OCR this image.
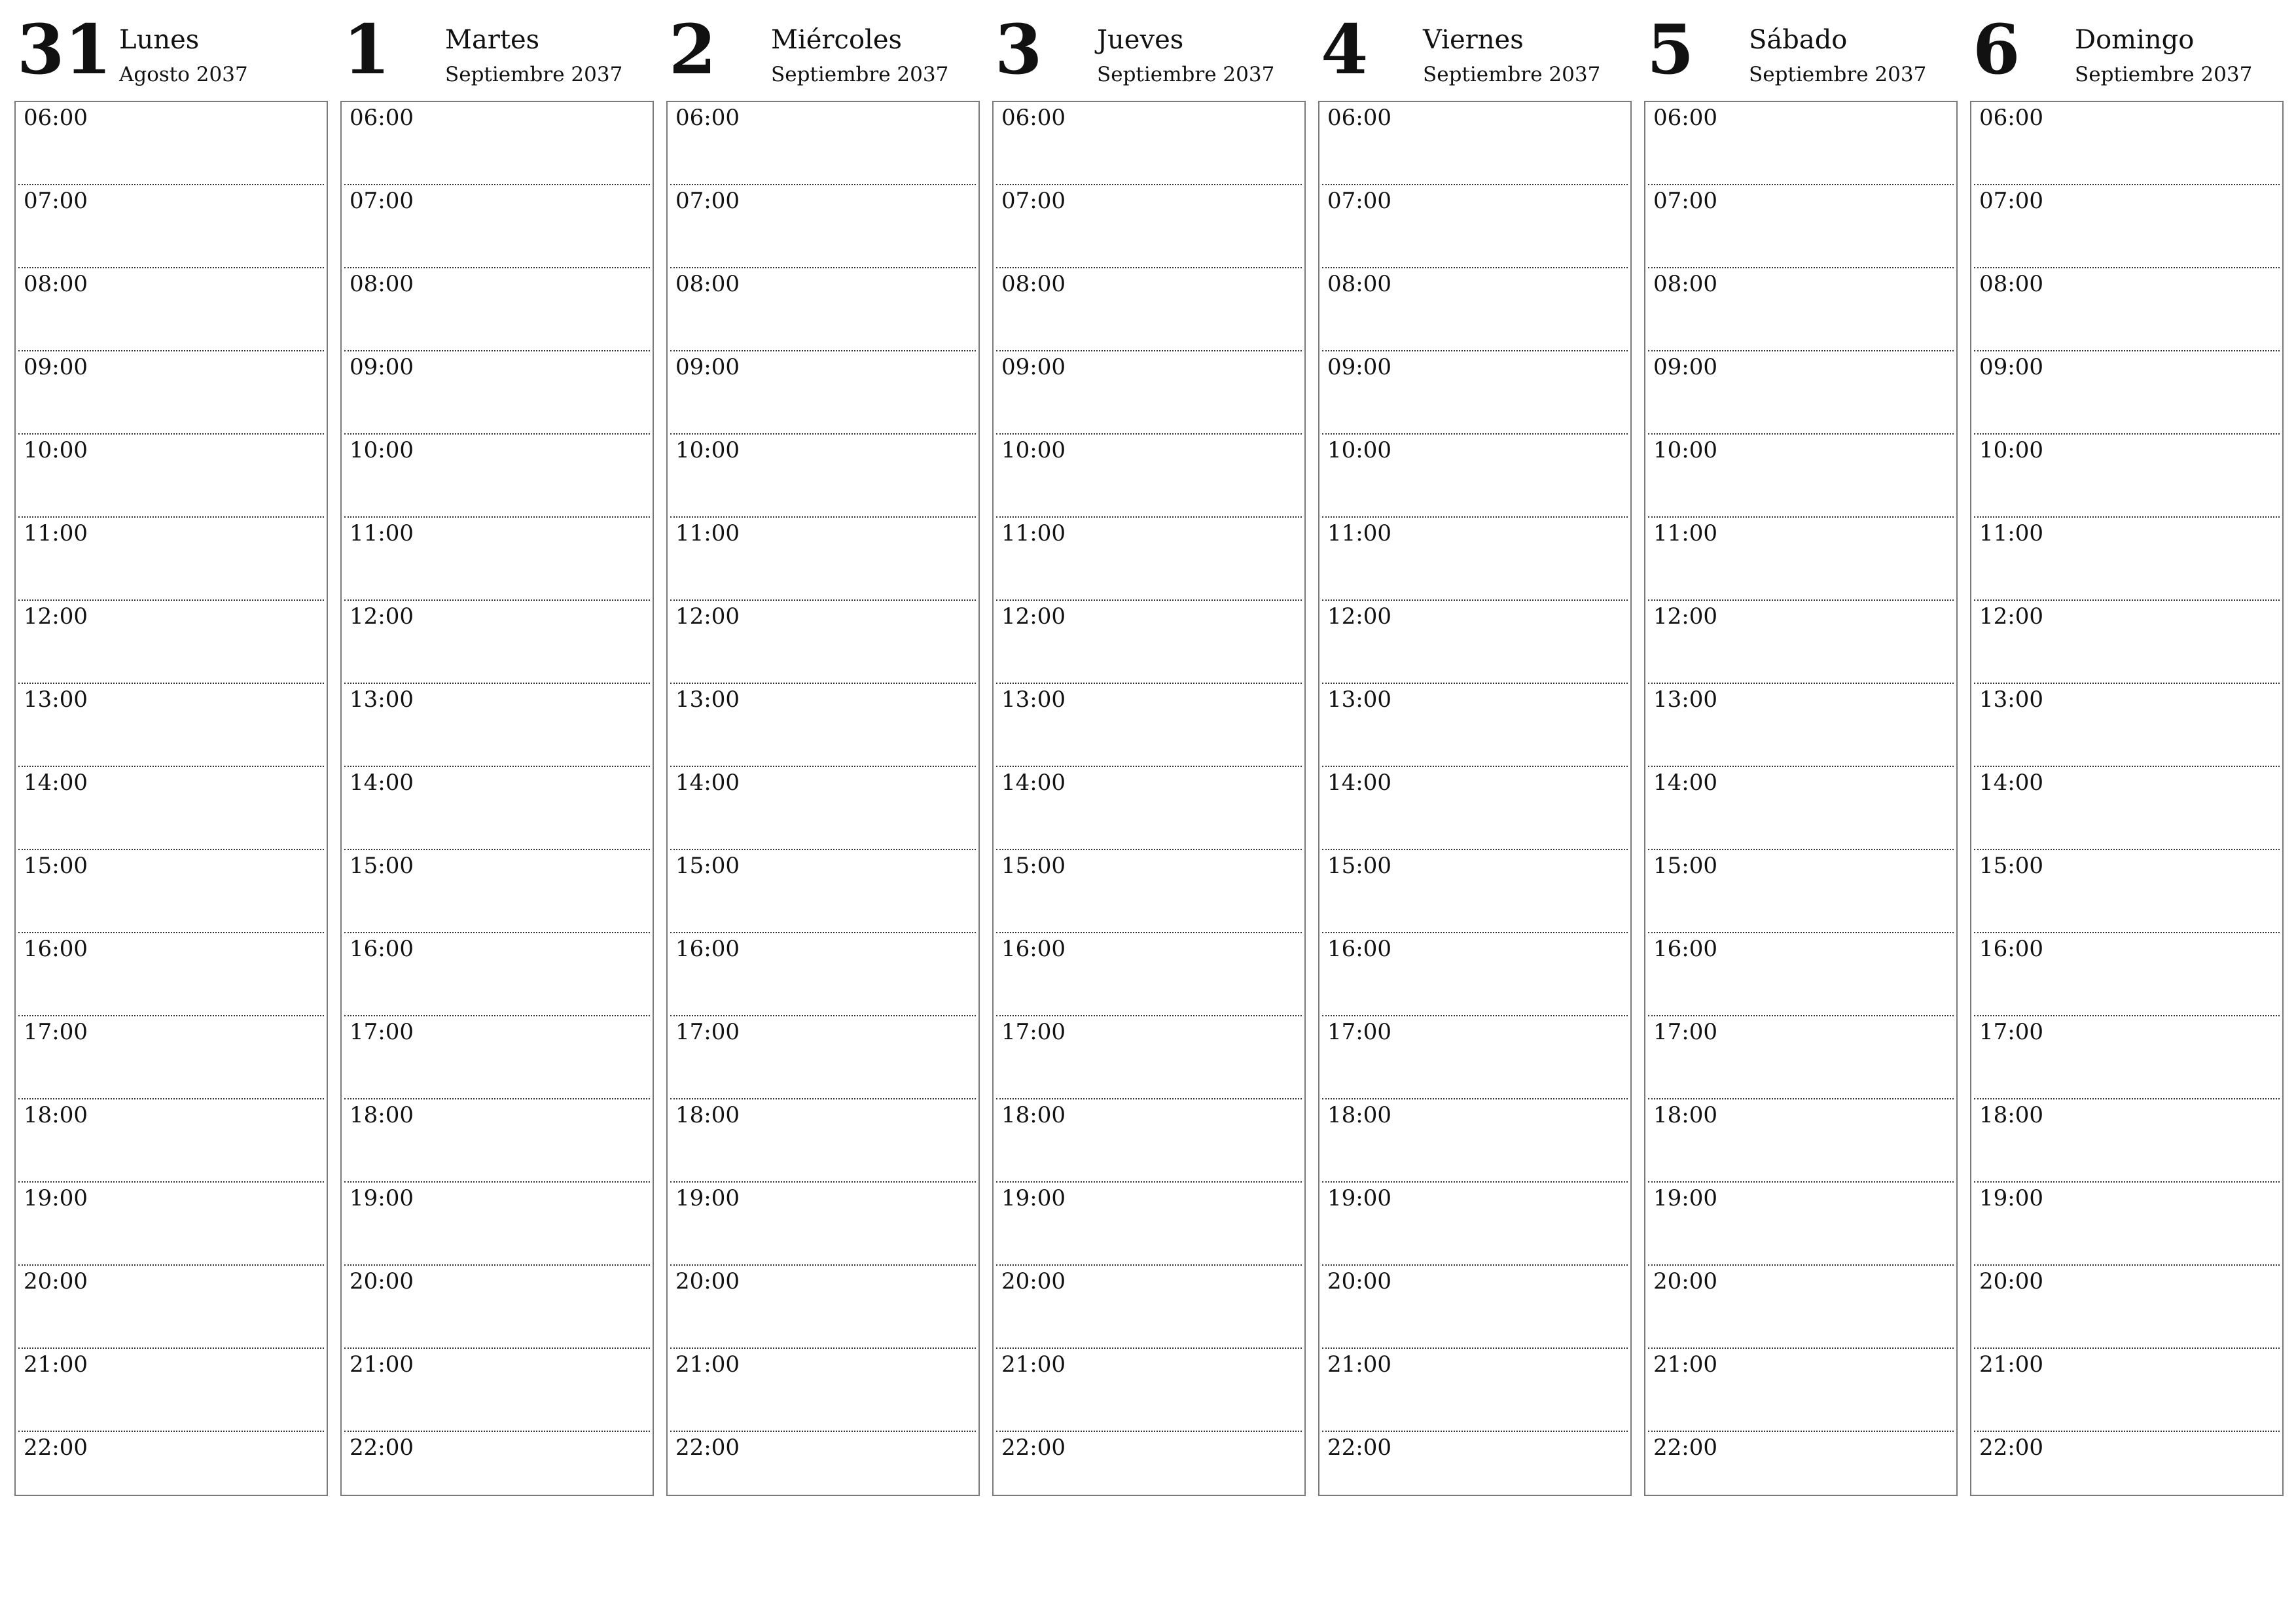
31 Lunes
Agosto 2037
06:00
07:00
08:00
09:00
10:00
11:00
12:00
13:00
14:00
15:00
16:00
17:00
18:00
19:00
20:00
21:00
22:00
1 Martes
Septiembre 2037
06:00
07:00
08:00
09:00
10:00
11:00
12:00
13:00
14:00
15:00
16:00
17:00
18:00
19:00
20:00
21:00
22:00
2 Miércoles
Septiembre 2037
06:00
07:00
08:00
09:00
10:00
11:00
12:00
13:00
14:00
15:00
16:00
17:00
18:00
19:00
20:00
21:00
22:00
3 Jueves
Septiembre 2037
06:00
07:00
08:00
09:00
10:00
11:00
12:00
13:00
14:00
15:00
16:00
17:00
18:00
19:00
20:00
21:00
22:00
4 Viernes
Septiembre 2037
06:00
07:00
08:00
09:00
10:00
11:00
12:00
13:00
14:00
15:00
16:00
17:00
18:00
19:00
20:00
21:00
22:00
5 Sábado
Septiembre 2037
06:00
07:00
08:00
09:00
10:00
11:00
12:00
13:00
14:00
15:00
16:00
17:00
18:00
19:00
20:00
21:00
22:00
6 Domingo
Septiembre 2037
06:00
07:00
08:00
09:00
10:00
11:00
12:00
13:00
14:00
15:00
16:00
17:00
18:00
19:00
20:00
21:00
22:00
